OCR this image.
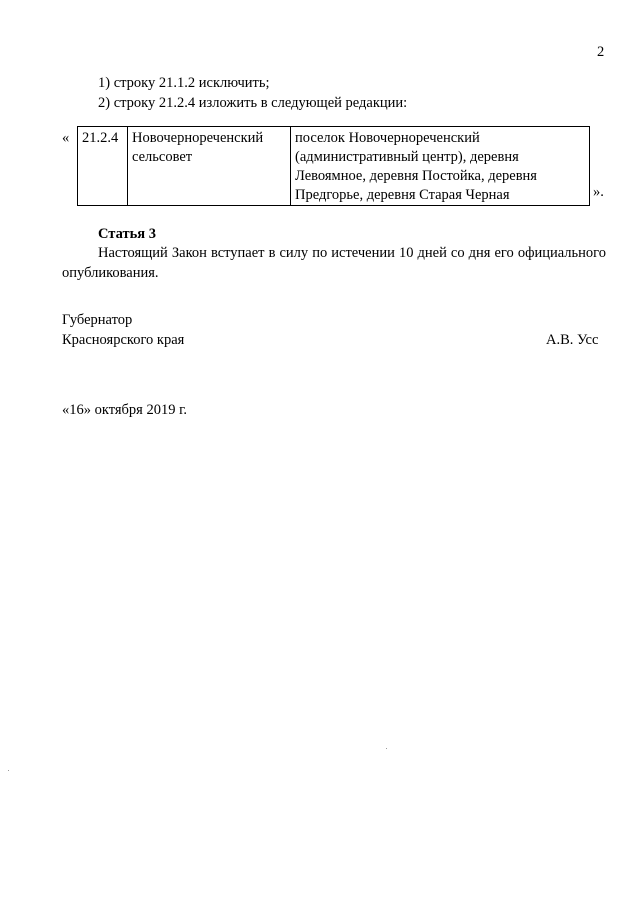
2
1) строку 21.1.2 исключить;
2) строку 21.2.4 изложить в следующей редакции:
« 21.2.4	Новочернореченский сельсовет	поселок Новочернореченский (административный центр), деревня Левоямное, деревня Постойка, деревня Предгорье, деревня Старая Черная	».
Статья 3
Настоящий Закон вступает в силу по истечении 10 дней со дня его официального опубликования.
Губернатор
Красноярского края	А.В. Усс
«16» октября 2019 г.
